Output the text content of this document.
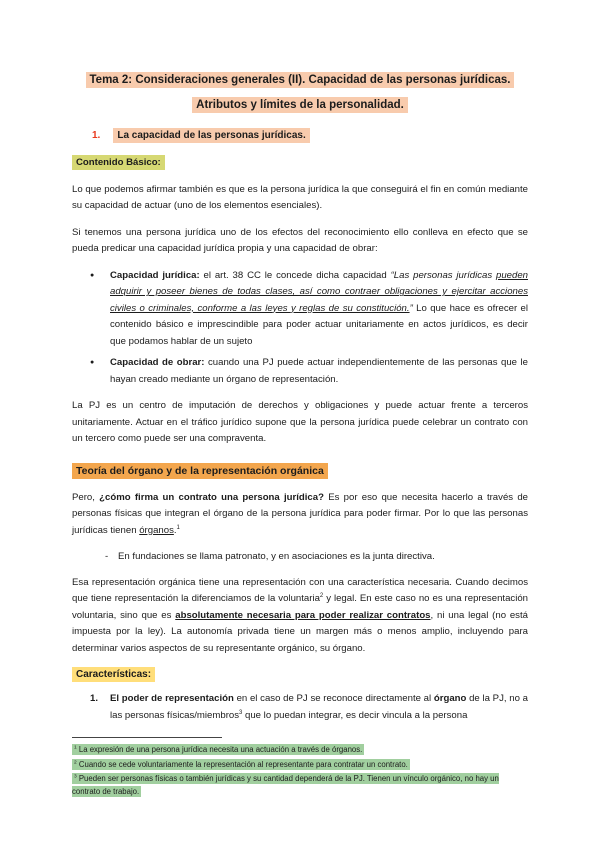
Tema 2: Consideraciones generales (II). Capacidad de las personas jurídicas.
Atributos y límites de la personalidad.
1. La capacidad de las personas jurídicas.
Contenido Básico:

Lo que podemos afirmar también es que es la persona jurídica la que conseguirá el fin en común mediante su capacidad de actuar (uno de los elementos esenciales).

Si tenemos una persona jurídica uno de los efectos del reconocimiento ello conlleva en efecto que se pueda predicar una capacidad jurídica propia y una capacidad de obrar:

●	Capacidad jurídica: el art. 38 CC le concede dicha capacidad “Las personas jurídicas pueden adquirir y poseer bienes de todas clases, así como contraer obligaciones y ejercitar acciones civiles o criminales, conforme a las leyes y reglas de su constitución.” Lo que hace es ofrecer el contenido básico e imprescindible para poder actuar unitariamente en actos jurídicos, es decir que podamos hablar de un sujeto
●	Capacidad de obrar: cuando una PJ puede actuar independientemente de las personas que le hayan creado mediante un órgano de representación.

La PJ es un centro de imputación de derechos y obligaciones y puede actuar frente a terceros unitariamente. Actuar en el tráfico jurídico supone que la persona jurídica puede celebrar un contrato con un tercero como puede ser una compraventa.

Teoría del órgano y de la representación orgánica

Pero, ¿cómo firma un contrato una persona jurídica? Es por eso que necesita hacerlo a través de personas físicas que integran el órgano de la persona jurídica para poder firmar. Por lo que las personas jurídicas tienen órganos.$^1$

-	En fundaciones se llama patronato, y en asociaciones es la junta directiva.

Esa representación orgánica tiene una representación con una característica necesaria. Cuando decimos que tiene representación la diferenciamos de la voluntaria$^2$ y legal. En este caso no es una representación voluntaria, sino que es absolutamente necesaria para poder realizar contratos, ni una legal (no está impuesta por la ley). La autonomía privada tiene un margen más o menos amplio, incluyendo para determinar varios aspectos de su representante orgánico, su órgano.

Características:
1.	El poder de representación en el caso de PJ se reconoce directamente al órgano de la PJ, no a las personas físicas/miembros$^3$ que lo puedan integrar, es decir vincula a la persona
$^1$ La expresión de una persona jurídica necesita una actuación a través de órganos.
$^2$ Cuando se cede voluntariamente la representación al representante para contratar un contrato.
$^3$ Pueden ser personas físicas o también jurídicas y su cantidad dependerá de la PJ. Tienen un vínculo orgánico, no hay un contrato de trabajo.
